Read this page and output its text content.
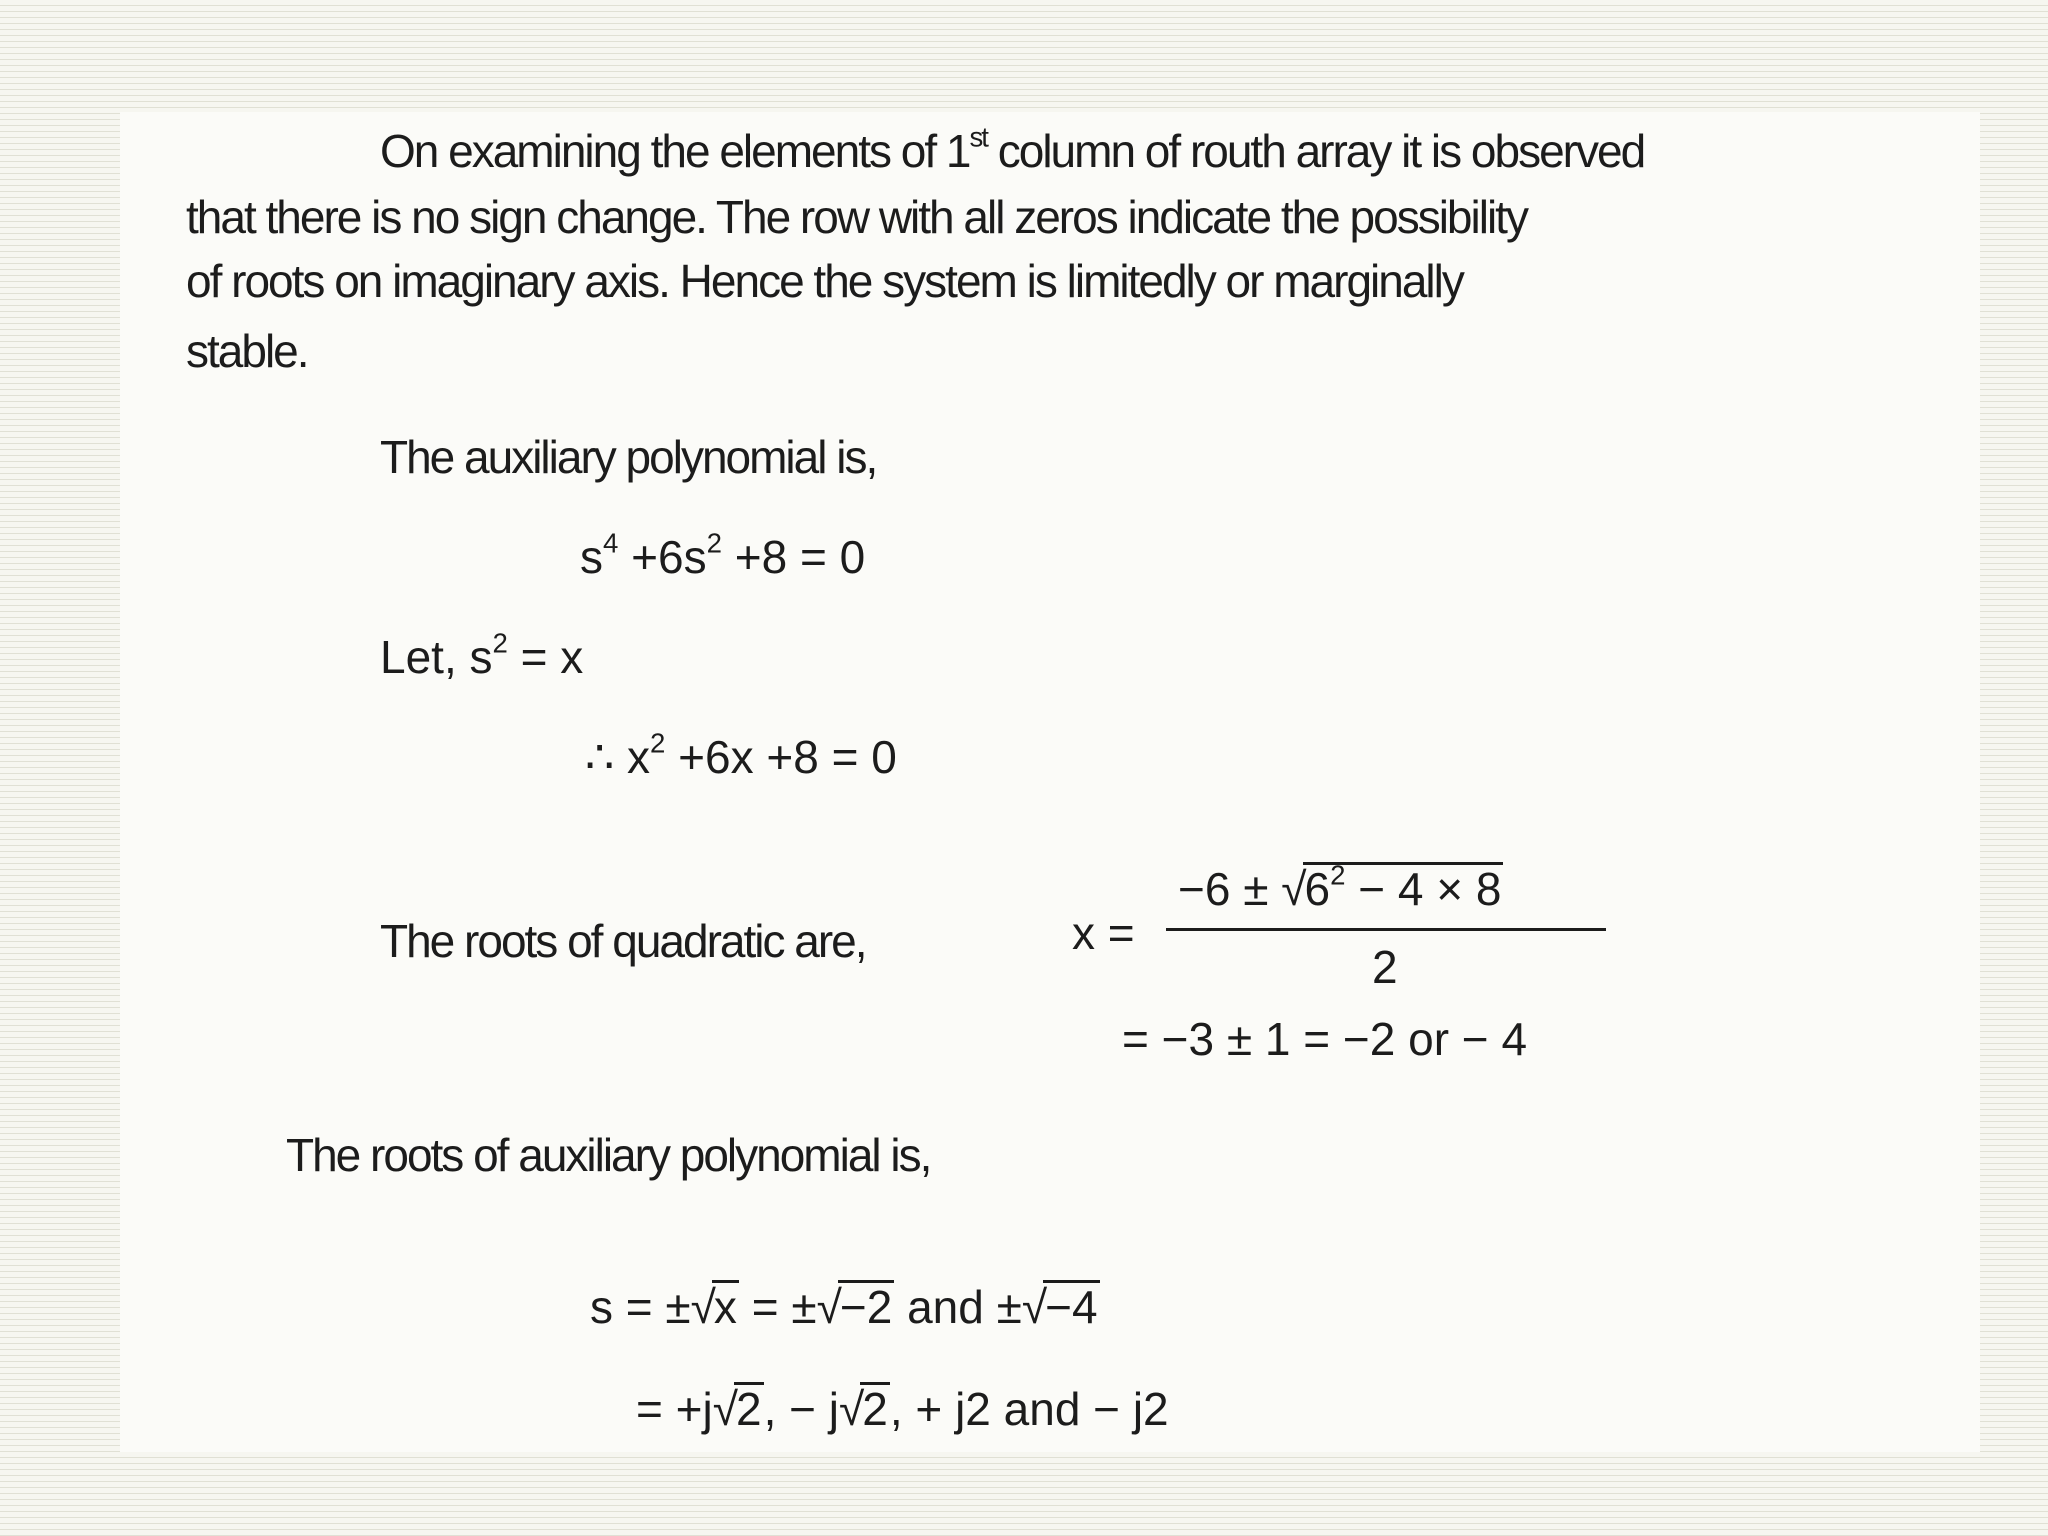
On examining the elements of 1st column of routh array it is observed
that there is no sign change. The row with all zeros indicate the possibility
of roots on imaginary axis. Hence the system is limitedly or marginally
stable.
The auxiliary polynomial is,
$s^4 +6s^2 +8 = 0$
Let, $s^2 = x$
∴ $x^2 +6x +8 = 0$
The roots of quadratic are,	x =
$-6 \pm √6^2 - 4 \times 8$
2
= −3 ± 1 = −2 or − 4
The roots of auxiliary polynomial is,
s = ±√x = ±√−2 and ±√−4
= +j√2, − j√2, + j2 and − j2
